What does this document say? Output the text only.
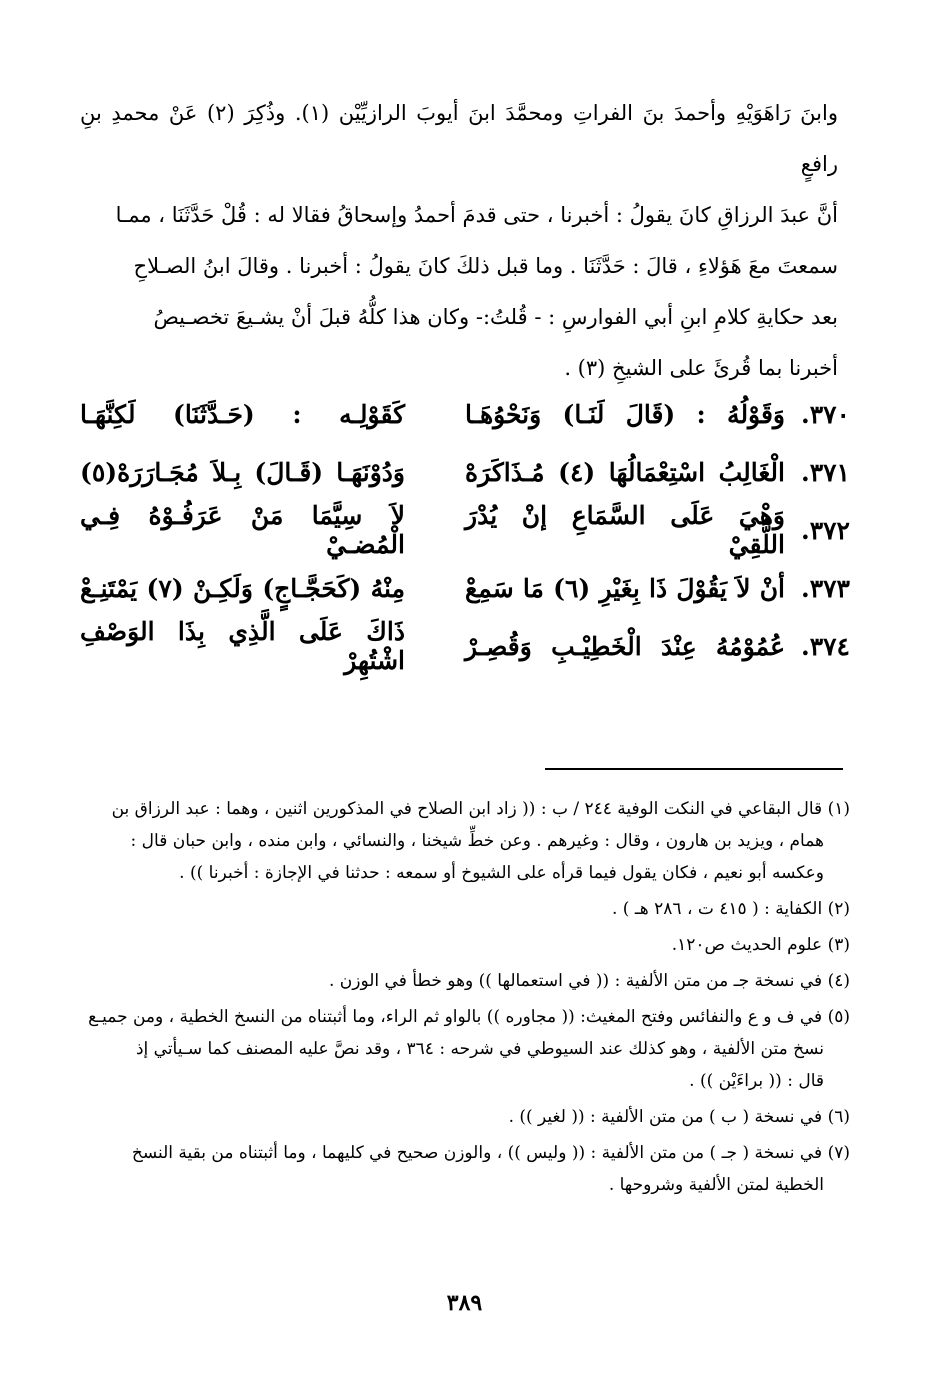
وابنَ رَاهَوَيْهِ وأحمدَ بنَ الفراتِ ومحمَّدَ ابنَ أيوبَ الرازيِّيْن (١). وذُكِرَ (٢) عَنْ محمدِ بنِ رافعٍ

أنَّ عبدَ الرزاقِ كانَ يقولُ : أخبرنا ، حتى قدمَ أحمدُ وإسحاقُ فقالا له : قُلْ حَدَّثَنَا ، ممـا

سمعتَ معَ هَؤلاءِ ، قالَ : حَدَّثَنَا . وما قبل ذلكَ كانَ يقولُ : أخبرنا . وقالَ ابنُ الصـلاحِ

بعد حكايةِ كلامِ ابنِ أبي الفوارسِ : - قُلتُ:- وكان هذا كلُّهُ قبلَ أنْ يشـيعَ تخصـيصُ

أخبرنا بما قُرئَ على الشيخِ (٣) .

٣٧٠.
وَقَوْلُهُ : (قَالَ لَنَـا) وَنَحْوُهَـا
كَقَوْلِـه : (حَـدَّثَنَا) لَكِنَّهَـا
٣٧١.
الْغَالِبُ اسْتِعْمَالُهَا (٤) مُـذَاكَرَهْ
وَدُوْنَهَـا (قَـالَ) بِـلاَ مُجَـارَرَهْ(٥)
٣٧٢.
وَهْيَ عَلَى السَّمَاعِ إنْ يُدْرَ اللُّقِيْ
لاَ سِيَّمَا مَنْ عَرَفُـوْهُ فِـي الْمُضـيْ
٣٧٣.
أنْ لاَ يَقُوْلَ ذَا بِغَيْرِ (٦) مَا سَمِعْ
مِنْهُ (كَحَجَّـاجٍ) وَلَكِـنْ (٧) يَمْتَنِـعْ
٣٧٤.
عُمُوْمُهُ عِنْدَ الْخَطِيْـبِ وَقُصِـرْ
ذَاكَ عَلَى الَّذِي بِذَا الوَصْفِ اشْتُهِرْ

(١) قال البقاعي في النكت الوفية ٢٤٤ / ب : (( زاد ابن الصلاح في المذكورين اثنين ، وهما : عبد الرزاق بن
همام ، ويزيد بن هارون ، وقال : وغيرهم . وعن خطِّ شيخنا ، والنسائي ، وابن منده ، وابن حبان قال :
وعكسه أبو نعيم ، فكان يقول فيما قرأه على الشيوخ أو سمعه : حدثنا في الإجازة : أخبرنا )) .

(٢) الكفاية : ( ٤١٥ ت ، ٢٨٦ هـ ) .

(٣) علوم الحديث ص١٢٠.

(٤) في نسخة جـ من متن الألفية : (( في استعمالها )) وهو خطأ في الوزن .

(٥) في ف و ع والنفائس وفتح المغيث: (( مجاوره )) بالواو ثم الراء، وما أثبتناه من النسخ الخطية ، ومن جميـع
نسخ متن الألفية ، وهو كذلك عند السيوطي في شرحه : ٣٦٤ ، وقد نصَّ عليه المصنف كما سـيأتي إذ
قال : (( براءَيْن )) .

(٦) في نسخة ( ب ) من متن الألفية : (( لغير )) .

(٧) في نسخة ( جـ ) من متن الألفية : (( وليس )) ، والوزن صحيح في كليهما ، وما أثبتناه من بقية النسخ
الخطية لمتن الألفية وشروحها .

٣٨٩
